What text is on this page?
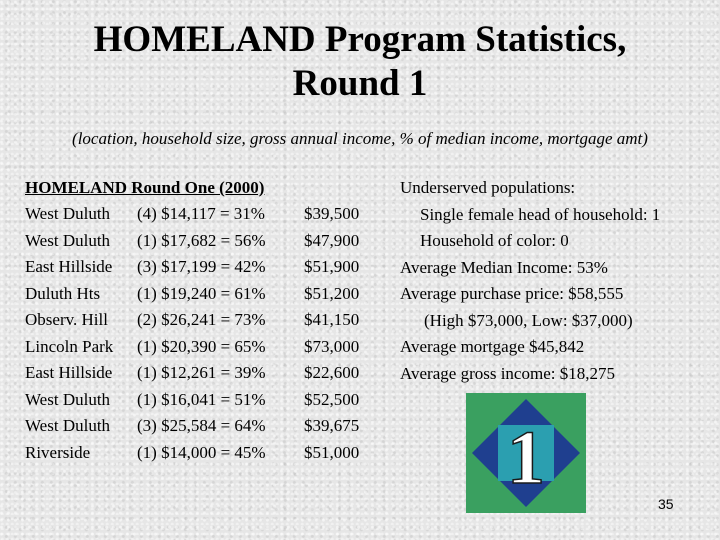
HOMELAND Program Statistics,
Round 1
(location, household size, gross annual income, % of median income, mortgage amt)
HOMELAND Round One (2000)
West Duluth (4) $14,117 = 31% $39,500
West Duluth (1) $17,682 = 56% $47,900
East Hillside (3) $17,199 = 42% $51,900
Duluth Hts (1) $19,240 = 61% $51,200
Observ. Hill (2) $26,241 = 73% $41,150
Lincoln Park (1) $20,390 = 65% $73,000
East Hillside (1) $12,261 = 39% $22,600
West Duluth (1) $16,041 = 51% $52,500
West Duluth (3) $25,584 = 64% $39,675
Riverside	(1) $14,000 = 45% $51,000
Underserved populations:
Single female head of household: 1
Household of color: 0
Average Median Income: 53%
Average purchase price: $58,555
(High $73,000, Low: $37,000)
Average mortgage $45,842
Average gross income: $18,275
1
35
